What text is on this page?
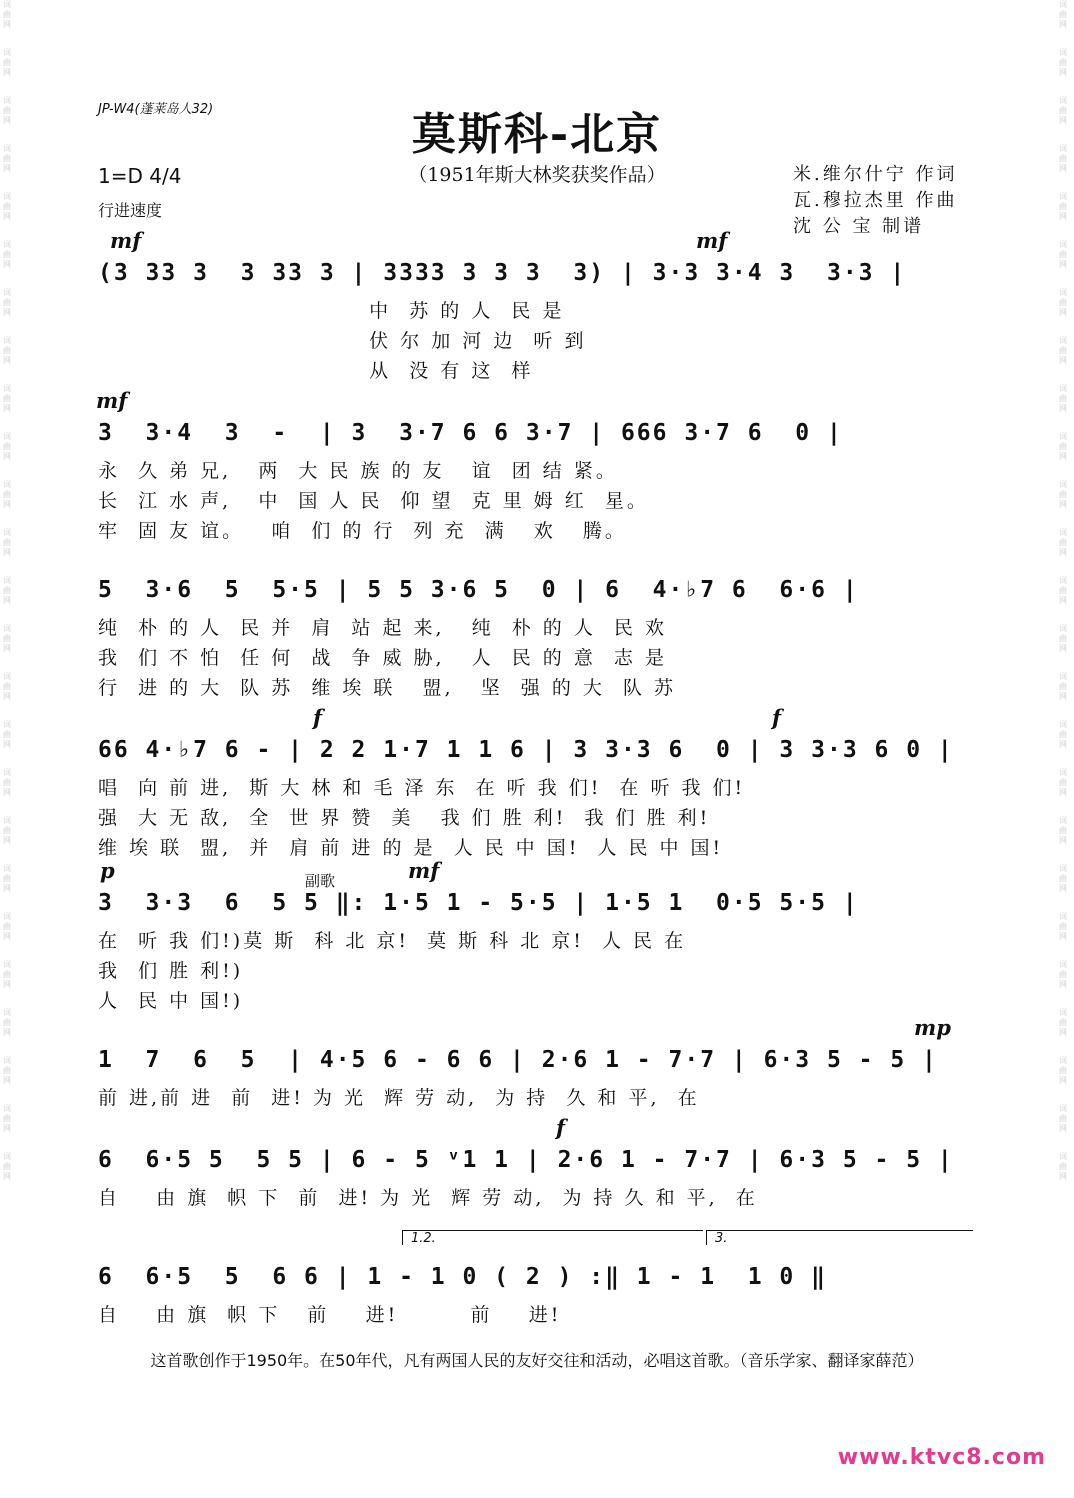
词
曲
网
词
曲
网
词
曲
网
词
曲
网
词
曲
网
词
曲
网
词
曲
网
词
曲
网
词
曲
网
词
曲
网
词
曲
网
词
曲
网
词
曲
网
词
曲
网
词
曲
网
词
曲
网
词
曲
网
词
曲
网
词
曲
网
词
曲
网
词
曲
网
词
曲
网
词
曲
网
词
曲
网
词
曲
网
词
曲
网
词
曲
网
词
曲
网
词
曲
网
词
曲
网
词
曲
网
词
曲
网
词
曲
网
词
曲
网
词
曲
网
词
曲
网
词
曲
网
词
曲
网
词
曲
网
词
曲
网
词
曲
网
词
曲
网
词
曲
网
词
曲
网
词
曲
网
词
曲
网
词
曲
网
词
曲
网
词
曲
网
词
曲
网
JP-W4(蓬莱岛人32)	莫斯科-北京
（1951年斯大林奖获奖作品）
1=D 4/4
行进速度
米.维尔什宁 作词
瓦.穆拉杰里 作曲
沈 公 宝 制谱
mf	mf
(3 33 3  3 33 3 | 3333 3 3 3  3) | 3·3 3·4 3  3·3 |
中  苏 的 人  民 是
伏 尔 加 河 边  听 到
从  没 有 这  样
mf
3  3·4  3  -  | 3  3·7 6 6 3·7 | 666 3·7 6  0 |
永  久 弟 兄,   两  大 民 族 的 友   谊  团 结 紧。
长  江 水 声,   中  国 人 民  仰 望  克 里 姆 红  星。
牢  固 友 谊。   咱  们 的 行  列 充  满   欢   腾。
5  3·6  5  5·5 | 5 5 3·6 5  0 | 6  4·♭7 6  6·6 |
纯  朴 的 人  民 并  肩  站 起 来,   纯  朴 的 人  民 欢
我  们 不 怕  任 何  战  争 威 胁,   人  民 的 意  志 是
行  进 的 大  队 苏  维 埃 联   盟,   坚  强 的 大  队 苏
f	f
66 4·♭7 6 - | 2 2 1·7 1 1 6 | 3 3·3 6  0 | 3 3·3 6 0 |
唱  向 前 进,  斯 大 林 和 毛 泽 东  在 听 我 们!  在 听 我 们!
强  大 无 敌,  全  世 界 赞  美   我 们 胜 利!  我 们 胜 利!
维 埃 联  盟,  并  肩 前 进 的 是  人 民 中 国!  人 民 中 国!
p	mf
副歌
3  3·3  6  5 5 ‖: 1·5 1 - 5·5 | 1·5 1  0·5 5·5 |
在  听 我 们!)莫 斯  科 北 京!  莫 斯 科 北 京!  人 民 在
我  们 胜 利!)
人  民 中 国!)
mp
1  7  6  5  | 4·5 6 - 6 6 | 2·6 1 - 7·7 | 6·3 5 - 5 |
前 进,前 进  前  进! 为 光  辉 劳 动,  为 持  久 和 平,  在
f
6  6·5 5  5 5 | 6 - 5 ᵛ1 1 | 2·6 1 - 7·7 | 6·3 5 - 5 |
自    由 旗  帜 下  前  进! 为 光  辉 劳 动,  为 持 久 和 平,  在
1.2.	3.
6  6·5  5  6 6 | 1 - 1 0 ( 2 ) :‖ 1 - 1  1 0 ‖
自    由 旗  帜 下   前    进!        前    进!
这首歌创作于1950年。在50年代，凡有两国人民的友好交往和活动，必唱这首歌。（音乐学家、翻译家薛范）
www.ktvc8.com
